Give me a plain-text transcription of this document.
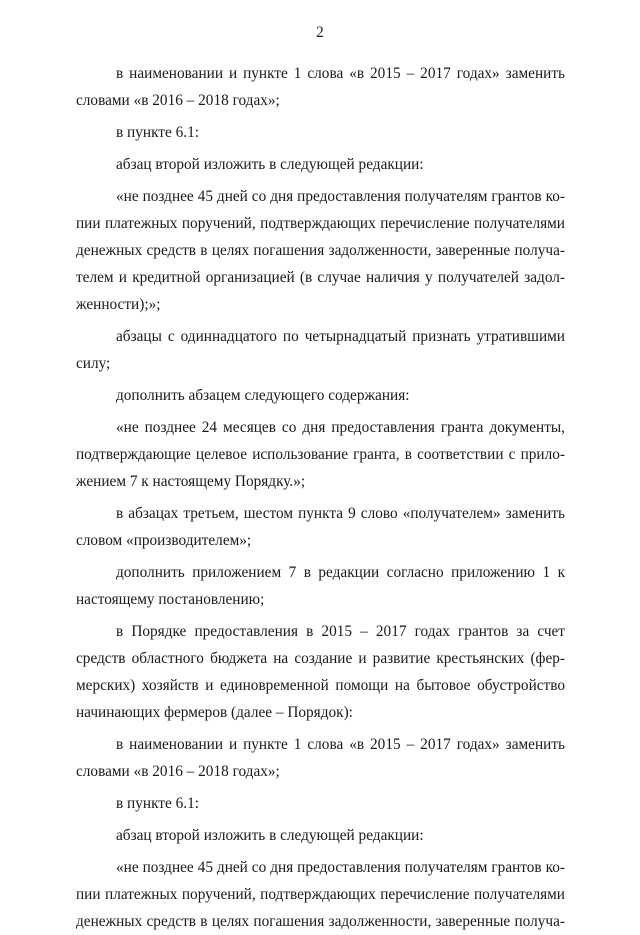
2
в наименовании и пункте 1 слова «в 2015 – 2017 годах» заменить
словами «в 2016 – 2018 годах»;
в пункте 6.1:
абзац второй изложить в следующей редакции:
«не позднее 45 дней со дня предоставления получателям грантов ко-
пии платежных поручений, подтверждающих перечисление получателями
денежных средств в целях погашения задолженности, заверенные получа-
телем и кредитной организацией (в случае наличия у получателей задол-
женности);»;
абзацы с одиннадцатого по четырнадцатый признать утратившими
силу;
дополнить абзацем следующего содержания:
«не позднее 24 месяцев со дня предоставления гранта документы,
подтверждающие целевое использование гранта, в соответствии с прило-
жением 7 к настоящему Порядку.»;
в абзацах третьем, шестом пункта 9 слово «получателем» заменить
словом «производителем»;
дополнить приложением 7 в редакции согласно приложению 1 к
настоящему постановлению;
в Порядке предоставления в 2015 – 2017 годах грантов за счет
средств областного бюджета на создание и развитие крестьянских (фер-
мерских) хозяйств и единовременной помощи на бытовое обустройство
начинающих фермеров (далее – Порядок):
в наименовании и пункте 1 слова «в 2015 – 2017 годах» заменить
словами «в 2016 – 2018 годах»;
в пункте 6.1:
абзац второй изложить в следующей редакции:
«не позднее 45 дней со дня предоставления получателям грантов ко-
пии платежных поручений, подтверждающих перечисление получателями
денежных средств в целях погашения задолженности, заверенные получа-
